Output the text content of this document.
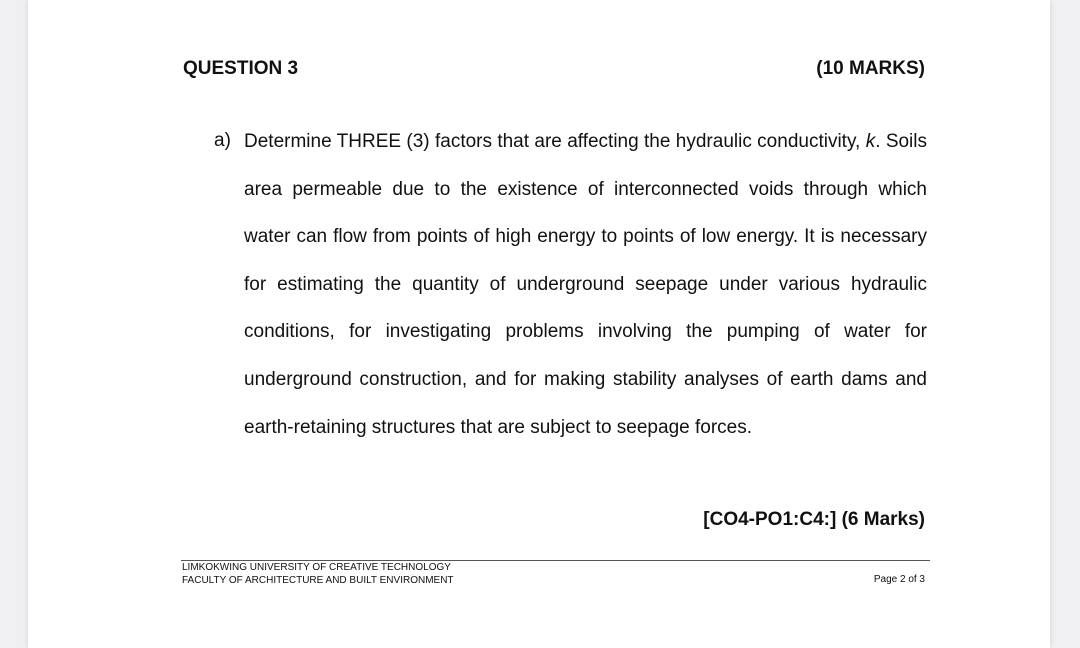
QUESTION 3	(10 MARKS)
a) Determine THREE (3) factors that are affecting the hydraulic conductivity, k. Soils area permeable due to the existence of interconnected voids through which water can flow from points of high energy to points of low energy. It is necessary for estimating the quantity of underground seepage under various hydraulic conditions, for investigating problems involving the pumping of water for underground construction, and for making stability analyses of earth dams and earth-retaining structures that are subject to seepage forces.

[CO4-PO1:C4:] (6 Marks)
LIMKOKWING UNIVERSITY OF CREATIVE TECHNOLOGY
FACULTY OF ARCHITECTURE AND BUILT ENVIRONMENT	Page 2 of 3
